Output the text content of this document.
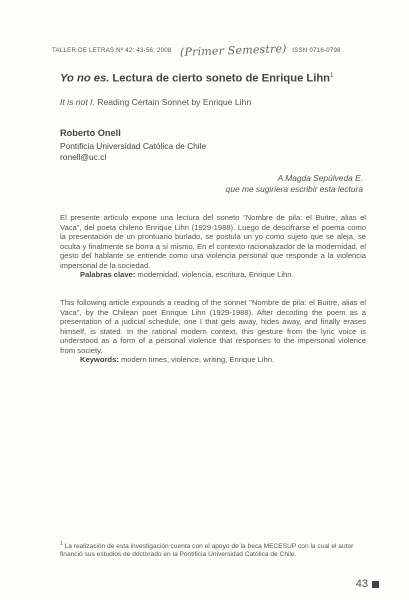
TALLER DE LETRAS Nº 42: 43-56, 2008 (Primer Semestre) ISSN 0716-0798
Yo no es. Lectura de cierto soneto de Enrique Lihn$^1$
It is not I. Reading Certain Sonnet by Enrique Lihn
Roberto Onell
Pontificia Universidad Católica de Chile
ronell@uc.cl
A Magda Sepúlveda E.
que me sugiriera escribir esta lectura
El presente artículo expone una lectura del soneto "Nombre de pila: el Buitre, alias el Vaca", del poeta chileno Enrique Lihn (1929-1988). Luego de descifrarse el poema como la presentación de un prontuario burlado, se postula un yo como sujeto que se aleja, se oculta y finalmente se borra a sí mismo. En el contexto racionalizador de la modernidad, el gesto del hablante se entiende como una violencia personal que responde a la violencia impersonal de la sociedad.
Palabras clave: modernidad, violencia, escritura, Enrique Lihn.
This following article expounds a reading of the sonnet "Nombre de pila: el Buitre, alias el Vaca", by the Chilean poet Enrique Lihn (1929-1988). After decoding the poem as a presentation of a judicial schedule, one I that gets away, hides away, and finally erases himself, is stated. In the rational modern context, this gesture from the lyric voice is understood as a form of a personal violence that responses to the impersonal violence from society.
Keywords: modern times, violence, writing, Enrique Lihn.
$^1$ La realización de esta investigación cuenta con el apoyo de la beca MECESUP con la cual el autor financió sus estudios de doctorado en la Pontificia Universidad Católica de Chile.
43
